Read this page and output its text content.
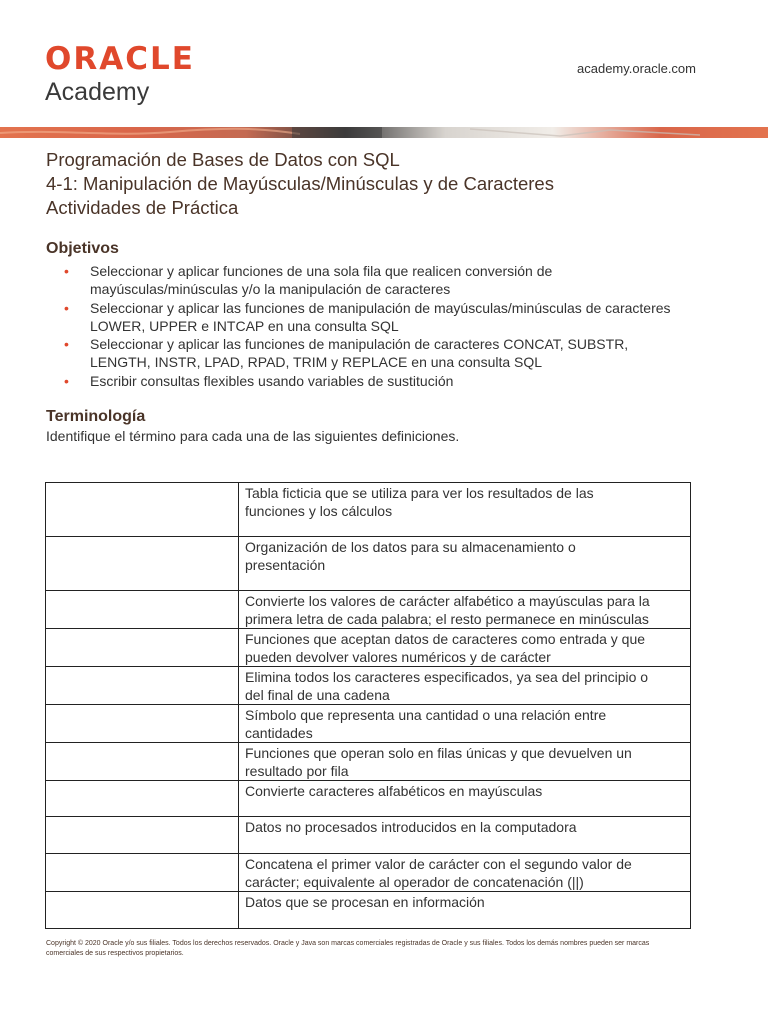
ORACLE
Academy
academy.oracle.com
Programación de Bases de Datos con SQL
4-1: Manipulación de Mayúsculas/Minúsculas y de Caracteres
Actividades de Práctica
Objetivos
• Seleccionar y aplicar funciones de una sola fila que realicen conversión de
mayúsculas/minúsculas y/o la manipulación de caracteres
• Seleccionar y aplicar las funciones de manipulación de mayúsculas/minúsculas de caracteres
LOWER, UPPER e INTCAP en una consulta SQL
• Seleccionar y aplicar las funciones de manipulación de caracteres CONCAT, SUBSTR,
LENGTH, INSTR, LPAD, RPAD, TRIM y REPLACE en una consulta SQL
• Escribir consultas flexibles usando variables de sustitución
Terminología
Identifique el término para cada una de las siguientes definiciones.

	Tabla ficticia que se utiliza para ver los resultados de las
funciones y los cálculos

	Organización de los datos para su almacenamiento o
presentación

	Convierte los valores de carácter alfabético a mayúsculas para la
primera letra de cada palabra; el resto permanece en minúsculas

	Funciones que aceptan datos de caracteres como entrada y que
pueden devolver valores numéricos y de carácter

	Elimina todos los caracteres especificados, ya sea del principio o
del final de una cadena

	Símbolo que representa una cantidad o una relación entre
cantidades

	Funciones que operan solo en filas únicas y que devuelven un
resultado por fila

	Convierte caracteres alfabéticos en mayúsculas

	Datos no procesados introducidos en la computadora

	Concatena el primer valor de carácter con el segundo valor de
carácter; equivalente al operador de concatenación (||)

	Datos que se procesan en información
Copyright © 2020 Oracle y/o sus filiales. Todos los derechos reservados. Oracle y Java son marcas comerciales registradas de Oracle y sus filiales. Todos los demás nombres pueden ser marcas
comerciales de sus respectivos propietarios.
